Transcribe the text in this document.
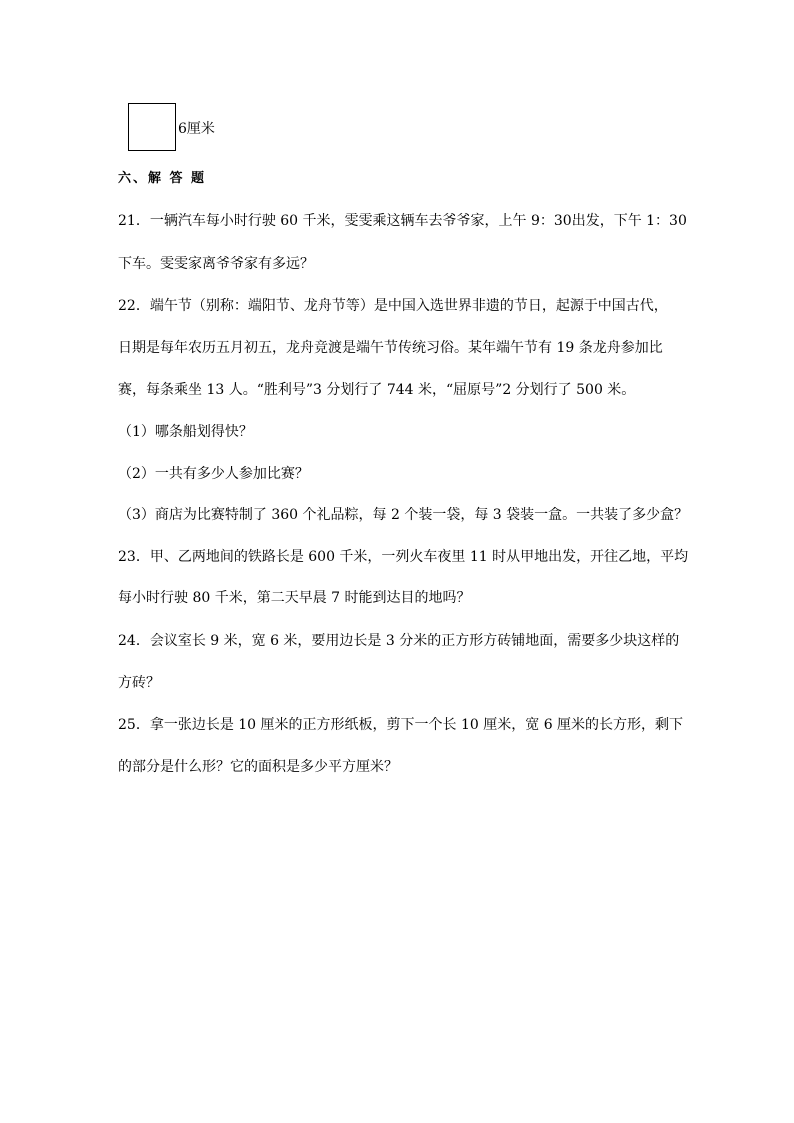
6厘米
六、解 答 题
21．一辆汽车每小时行驶 60 千米，雯雯乘这辆车去爷爷家，上午 9：30出发，下午 1：30
下车。雯雯家离爷爷家有多远？
22．端午节（别称：端阳节、龙舟节等）是中国入选世界非遗的节日，起源于中国古代，
日期是每年农历五月初五，龙舟竞渡是端午节传统习俗。某年端午节有 19 条龙舟参加比
赛，每条乘坐 13 人。“胜利号”3 分划行了 744 米，“屈原号”2 分划行了 500 米。
（1）哪条船划得快？
（2）一共有多少人参加比赛？
（3）商店为比赛特制了 360 个礼品粽，每 2 个装一袋，每 3 袋装一盒。一共装了多少盒？
23．甲、乙两地间的铁路长是 600 千米，一列火车夜里 11 时从甲地出发，开往乙地，平均
每小时行驶 80 千米，第二天早晨 7 时能到达目的地吗？
24．会议室长 9 米，宽 6 米，要用边长是 3 分米的正方形方砖铺地面，需要多少块这样的
方砖？
25．拿一张边长是 10 厘米的正方形纸板，剪下一个长 10 厘米，宽 6 厘米的长方形，剩下
的部分是什么形？它的面积是多少平方厘米？
